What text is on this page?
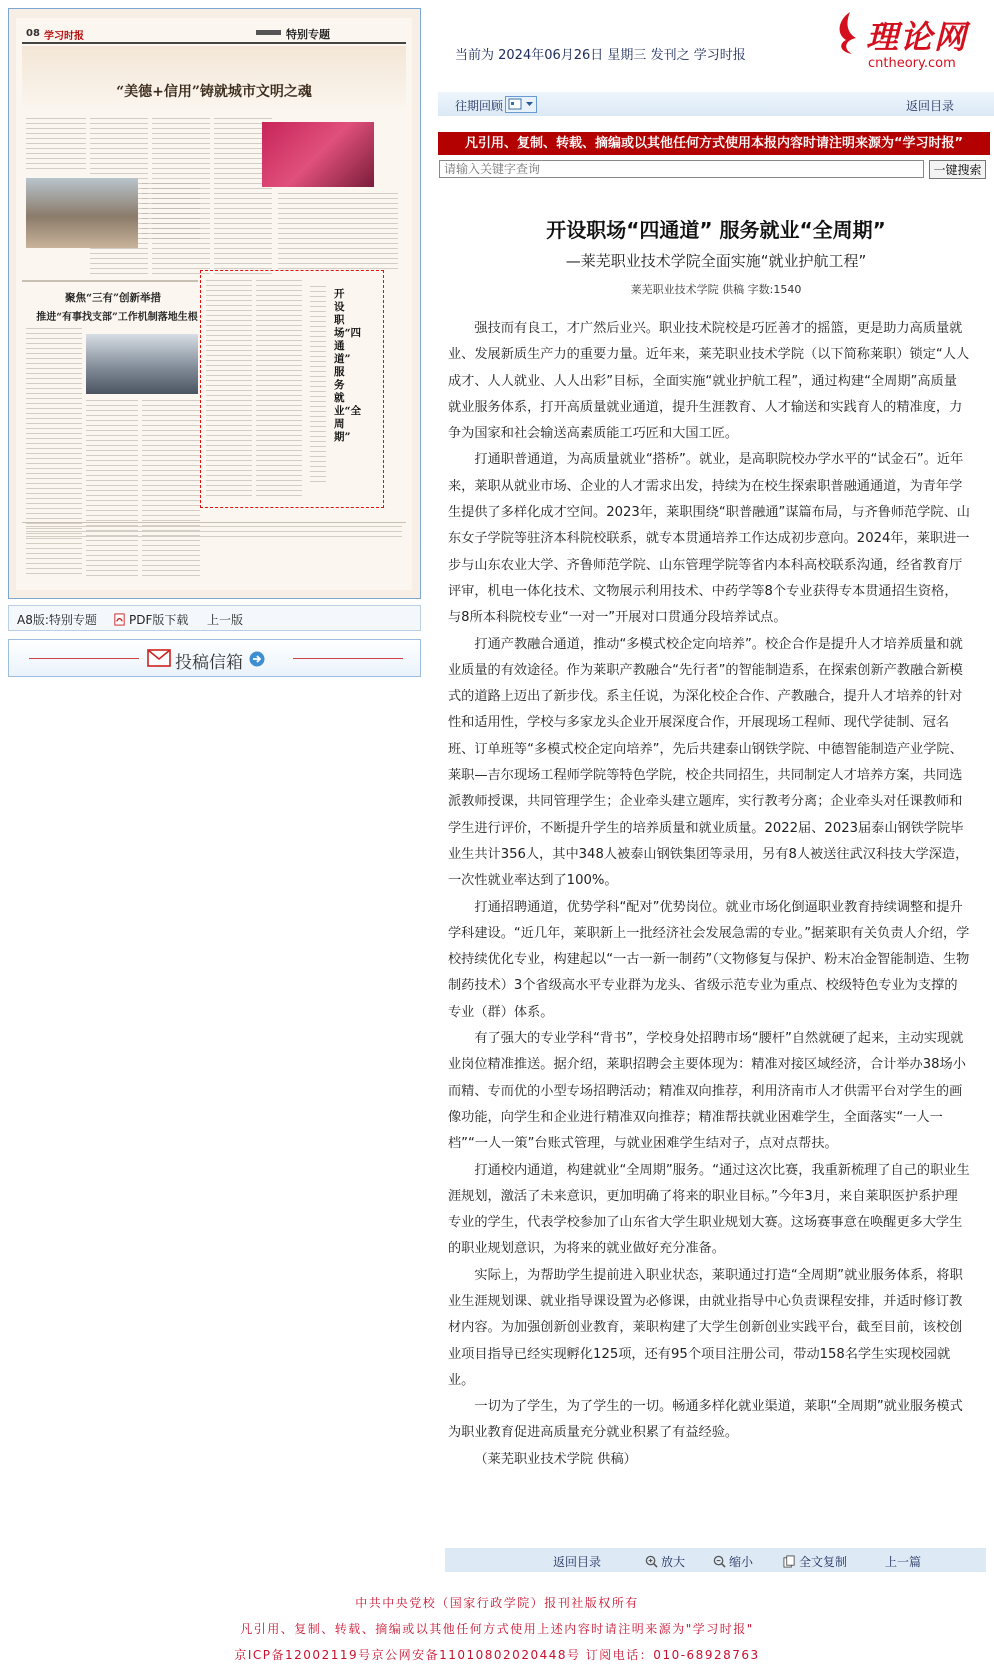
08 学习时报	特别专题
“美德+信用”铸就城市文明之魂
聚焦“三有”创新举措
推进“有事找支部”工作机制落地生根
开设职场“四通道” 服务就业“全周期”
A8版:特别专题	PDF版下载 上一版
投稿信箱
当前为 2024年06月26日 星期三 发刊之 学习时报	理论网
cntheory.com
往期回顾	返回目录
凡引用、复制、转载、摘编或以其他任何方式使用本报内容时请注明来源为“学习时报”
请输入关键字查询
一键搜索
开设职场“四通道” 服务就业“全周期”
—莱芜职业技术学院全面实施“就业护航工程”
莱芜职业技术学院 供稿 字数:1540

强技而有良工，才广然后业兴。职业技术院校是巧匠善才的摇篮，更是助力高质量就业、发展新质生产力的重要力量。近年来，莱芜职业技术学院（以下简称莱职）锁定“人人成才、人人就业、人人出彩”目标，全面实施“就业护航工程”，通过构建“全周期”高质量就业服务体系，打开高质量就业通道，提升生涯教育、人才输送和实践育人的精准度，力争为国家和社会输送高素质能工巧匠和大国工匠。

打通职普通道，为高质量就业“搭桥”。就业，是高职院校办学水平的“试金石”。近年来，莱职从就业市场、企业的人才需求出发，持续为在校生探索职普融通通道，为青年学生提供了多样化成才空间。2023年，莱职围绕“职普融通”谋篇布局，与齐鲁师范学院、山东女子学院等驻济本科院校联系，就专本贯通培养工作达成初步意向。2024年，莱职进一步与山东农业大学、齐鲁师范学院、山东管理学院等省内本科高校联系沟通，经省教育厅评审，机电一体化技术、文物展示利用技术、中药学等8个专业获得专本贯通招生资格，与8所本科院校专业“一对一”开展对口贯通分段培养试点。

打通产教融合通道，推动“多模式校企定向培养”。校企合作是提升人才培养质量和就业质量的有效途径。作为莱职产教融合“先行者”的智能制造系，在探索创新产教融合新模式的道路上迈出了新步伐。系主任说，为深化校企合作、产教融合，提升人才培养的针对性和适用性，学校与多家龙头企业开展深度合作，开展现场工程师、现代学徒制、冠名班、订单班等“多模式校企定向培养”，先后共建泰山钢铁学院、中德智能制造产业学院、莱职—吉尔现场工程师学院等特色学院，校企共同招生，共同制定人才培养方案，共同选派教师授课，共同管理学生；企业牵头建立题库，实行教考分离；企业牵头对任课教师和学生进行评价，不断提升学生的培养质量和就业质量。2022届、2023届泰山钢铁学院毕业生共计356人，其中348人被泰山钢铁集团等录用，另有8人被送往武汉科技大学深造，一次性就业率达到了100%。

打通招聘通道，优势学科“配对”优势岗位。就业市场化倒逼职业教育持续调整和提升学科建设。“近几年，莱职新上一批经济社会发展急需的专业。”据莱职有关负责人介绍，学校持续优化专业，构建起以“一古一新一制药”（文物修复与保护、粉末冶金智能制造、生物制药技术）3个省级高水平专业群为龙头、省级示范专业为重点、校级特色专业为支撑的专业（群）体系。

有了强大的专业学科“背书”，学校身处招聘市场“腰杆”自然就硬了起来，主动实现就业岗位精准推送。据介绍，莱职招聘会主要体现为：精准对接区域经济，合计举办38场小而精、专而优的小型专场招聘活动；精准双向推荐，利用济南市人才供需平台对学生的画像功能，向学生和企业进行精准双向推荐；精准帮扶就业困难学生，全面落实“一人一档”“一人一策”台账式管理，与就业困难学生结对子，点对点帮扶。

打通校内通道，构建就业“全周期”服务。“通过这次比赛，我重新梳理了自己的职业生涯规划，激活了未来意识，更加明确了将来的职业目标。”今年3月，来自莱职医护系护理专业的学生，代表学校参加了山东省大学生职业规划大赛。这场赛事意在唤醒更多大学生的职业规划意识，为将来的就业做好充分准备。

实际上，为帮助学生提前进入职业状态，莱职通过打造“全周期”就业服务体系，将职业生涯规划课、就业指导课设置为必修课，由就业指导中心负责课程安排，并适时修订教材内容。为加强创新创业教育，莱职构建了大学生创新创业实践平台，截至目前，该校创业项目指导已经实现孵化125项，还有95个项目注册公司，带动158名学生实现校园就业。

一切为了学生，为了学生的一切。畅通多样化就业渠道，莱职“全周期”就业服务模式为职业教育促进高质量充分就业积累了有益经验。

（莱芜职业技术学院 供稿）

返回目录	放大	缩小	全文复制	上一篇
中共中央党校（国家行政学院）报刊社版权所有
凡引用、复制、转载、摘编或以其他任何方式使用上述内容时请注明来源为"学习时报"
京ICP备12002119号京公网安备11010802020448号 订阅电话：010-68928763
